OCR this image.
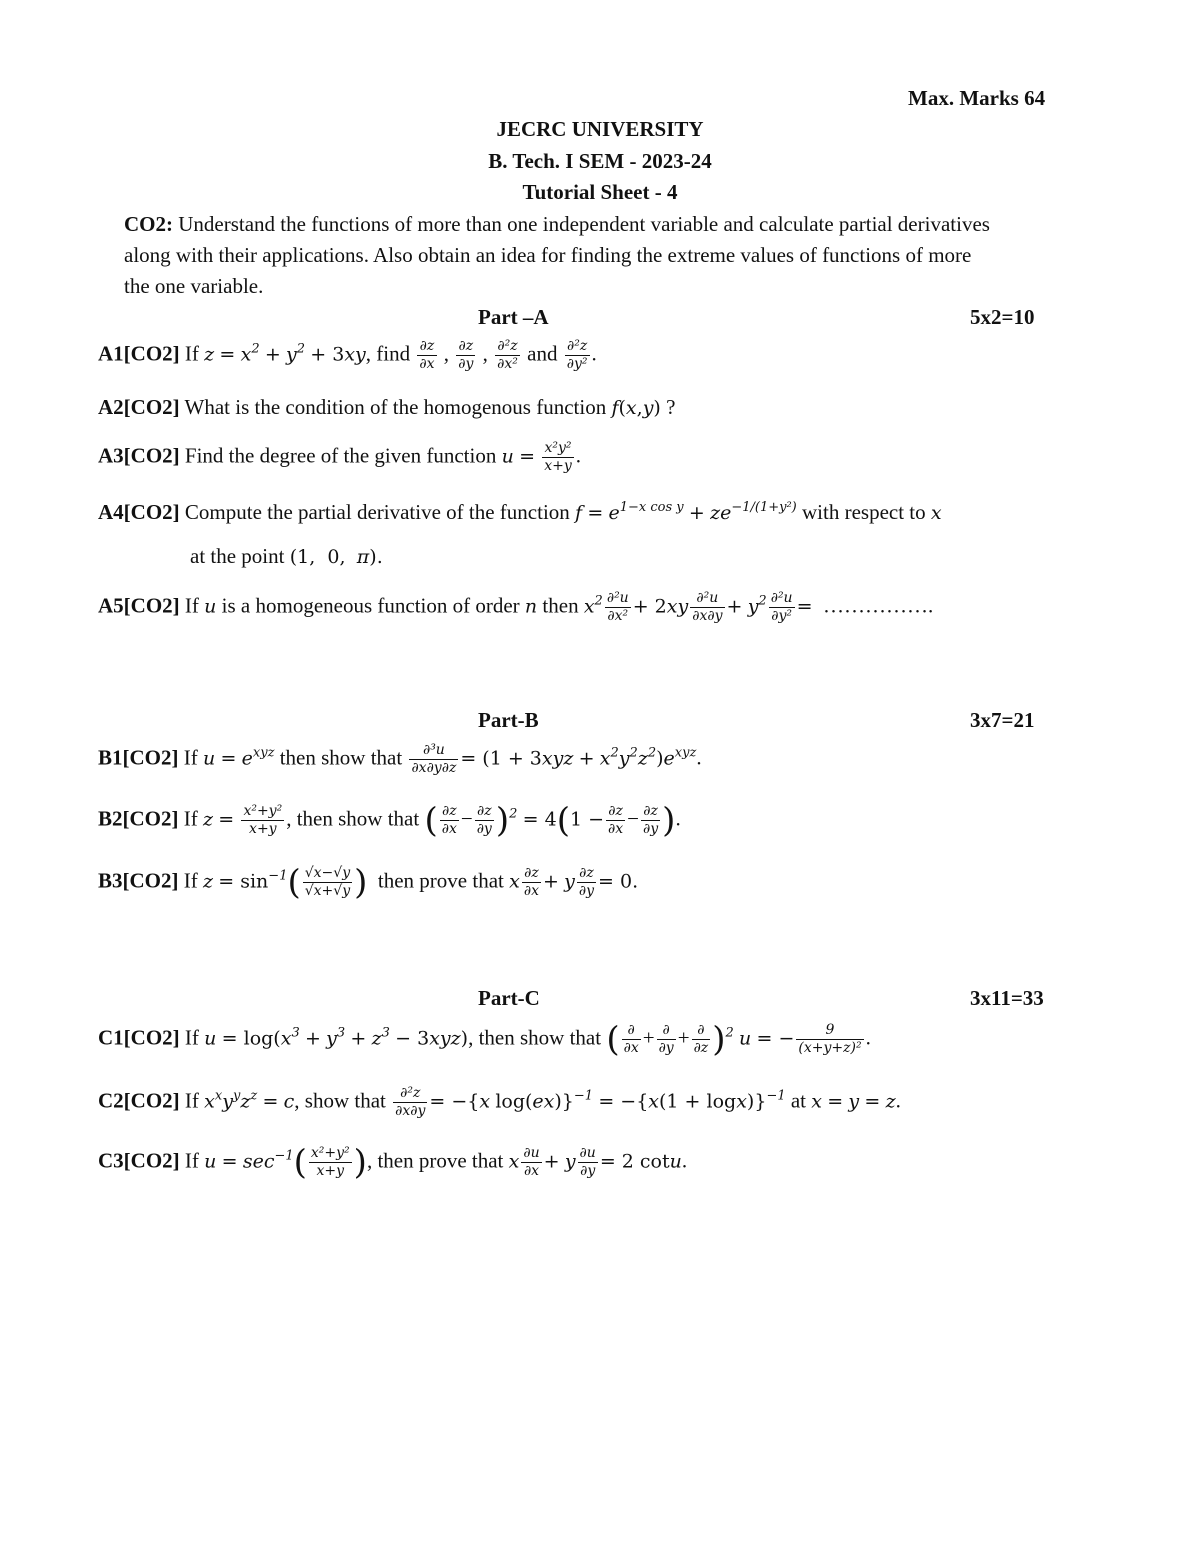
Max. Marks 64
JECRC UNIVERSITY
B. Tech. I SEM - 2023-24
Tutorial Sheet - 4
CO2: Understand the functions of more than one independent variable and calculate partial derivatives
along with their applications. Also obtain an idea for finding the extreme values of functions of more
the one variable.
Part –A	5x2=10
A1[CO2] If $z = x^2 + y^2 + 3xy$, find $\frac{\partial z}{\partial x}$ , $\frac{\partial z}{\partial y}$ , $\frac{\text{∂²z}}{\text{∂x²}}$ and $\frac{\text{∂²z}}{\text{∂y²}}$ .
A2[CO2] What is the condition of the homogenous function f(x,y) ?
A3[CO2] Find the degree of the given function $u = \frac{\text{x²y²}}{x+y}$ .
A4[CO2] Compute the partial derivative of the function $f = e^{1-x cos y} + ze^{-1/(1+y^2)}$ with respect to x
at the point (1,  0,  π).
A5[CO2] If u is a homogeneous function of order n then $x^2 \frac{\text{∂²u}}{\text{∂x²}} + 2xy \frac{\text{∂²u}}{\partial x\partial y} + y^2 \frac{\text{∂²u}}{\text{∂y²}}$ = …………….
Part-B	3x7=21
B1[CO2] If $u = e^{xyz}$ then show that $\frac{\text{∂³u}}{\partial x\partial y\partial z} = (1 + 3xyz + x^2y^2z^2)e^{xyz}$.
B2[CO2] If $z = \frac{\text{x²+y²}}{x+y}$ , then show that ( $\frac{\partial z}{\partial x} - \frac{\partial z}{\partial y} )^2 = 4(1 - \frac{\partial z}{\partial x} - \frac{\partial z}{\partial y}$ ).
B3[CO2] If $z = \sin^{-1}( \frac{√x-√y}{√x+√y}$ ) then prove that x $\frac{\partial z}{\partial x} + y \frac{\partial z}{\partial y} = 0$.
Part-C	3x11=33
C1[CO2] If $u = \log(x^3 + y^3 + z^3 - 3xyz)$, then show that ( $\frac{\partial}{\partial x} + \frac{\partial}{\partial y} + \frac{\partial}{\partial z} )^2$ u = − $\frac{9}{\text{(x+y+z)²}}$ .
C2[CO2] If $x^xy^yz^z = c$, show that $\frac{\text{∂²z}}{\partial x\partial y} = -\{x$ $\log(ex)\}^{-1} = -\{x(1 + \log x)\}^{-1}$ at x = y = z.
C3[CO2] If $u = \sec^{-1}( \frac{\text{x²+y²}}{x+y}$ ), then prove that x $\frac{\partial u}{\partial x} + y \frac{\partial u}{\partial y} = 2$ cotu.
